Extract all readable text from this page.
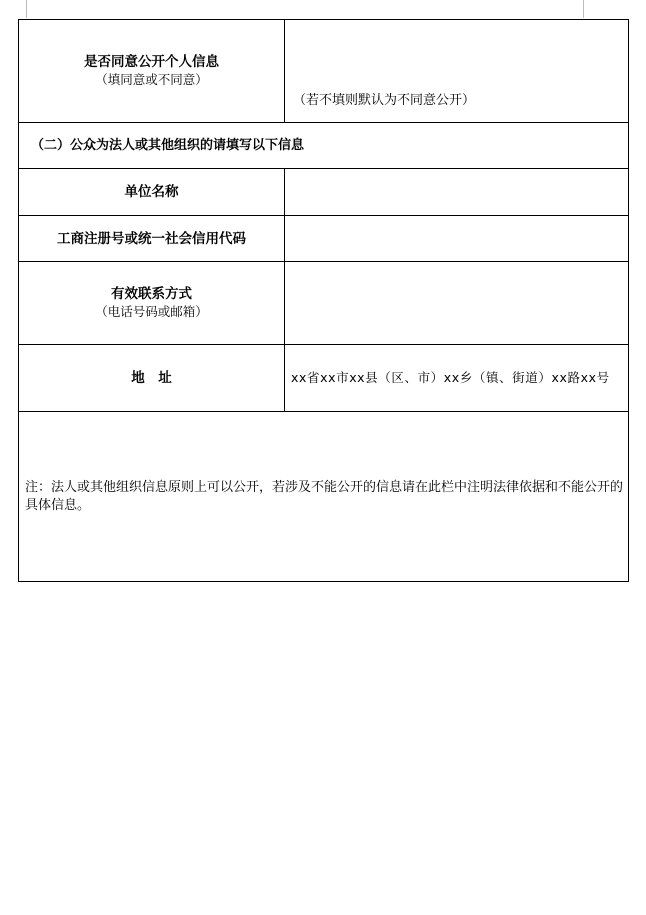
是否同意公开个人信息
（填同意或不同意）	（若不填则默认为不同意公开）
（二）公众为法人或其他组织的请填写以下信息	

单位名称	

工商注册号或统一社会信用代码	

有效联系方式
（电话号码或邮箱）	

地　址	xx省xx市xx县（区、市）xx乡（镇、街道）xx路xx号
注：法人或其他组织信息原则上可以公开，若涉及不能公开的信息请在此栏中注明法律依据和不能公开的具体信息。	
